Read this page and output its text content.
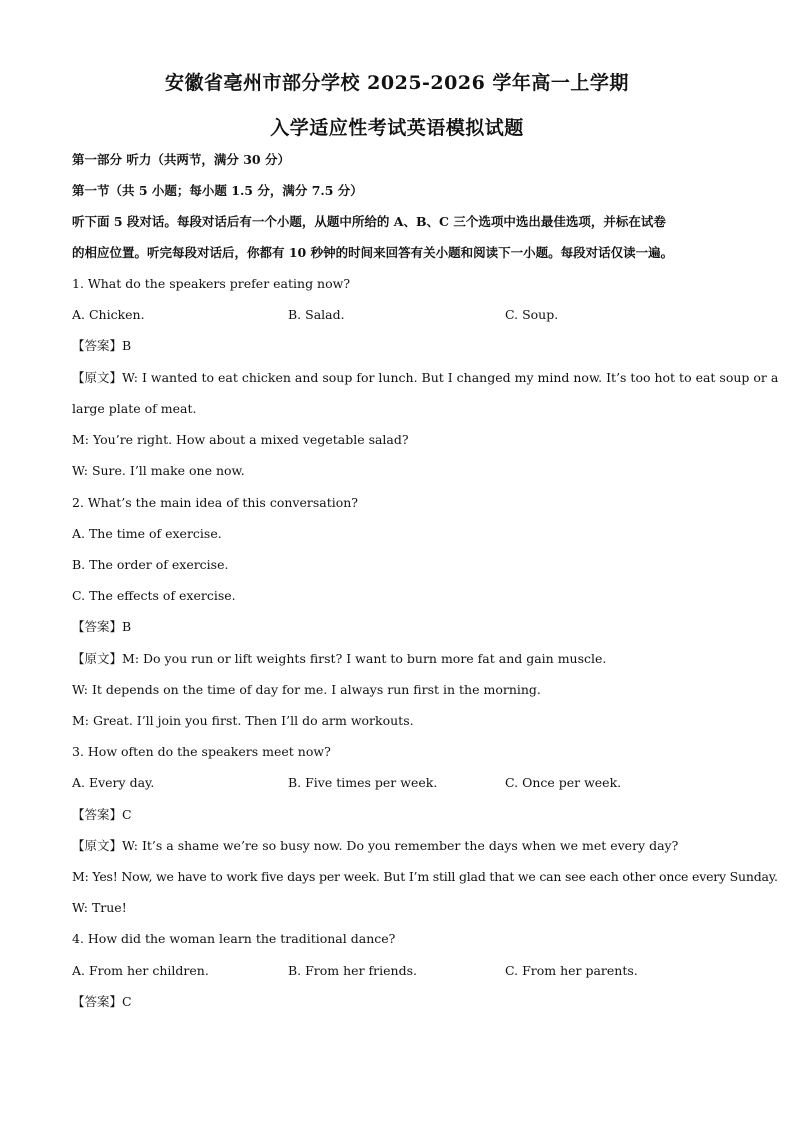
安徽省亳州市部分学校 2025-2026 学年高一上学期
入学适应性考试英语模拟试题
第一部分 听力（共两节，满分 30 分）
第一节（共 5 小题；每小题 1.5 分，满分 7.5 分）
听下面 5 段对话。每段对话后有一个小题，从题中所给的 A、B、C 三个选项中选出最佳选项，并标在试卷
的相应位置。听完每段对话后，你都有 10 秒钟的时间来回答有关小题和阅读下一小题。每段对话仅读一遍。
1. What do the speakers prefer eating now?
A. Chicken.	B. Salad.	C. Soup.
【答案】B
【原文】W: I wanted to eat chicken and soup for lunch. But I changed my mind now. It’s too hot to eat soup or a
large plate of meat.
M: You’re right. How about a mixed vegetable salad?
W: Sure. I’ll make one now.
2. What’s the main idea of this conversation?
A. The time of exercise.
B. The order of exercise.
C. The effects of exercise.
【答案】B
【原文】M: Do you run or lift weights first? I want to burn more fat and gain muscle.
W: It depends on the time of day for me. I always run first in the morning.
M: Great. I’ll join you first. Then I’ll do arm workouts.
3. How often do the speakers meet now?
A. Every day.	B. Five times per week.	C. Once per week.
【答案】C
【原文】W: It’s a shame we’re so busy now. Do you remember the days when we met every day?
M: Yes! Now, we have to work five days per week. But I’m still glad that we can see each other once every Sunday.
W: True!
4. How did the woman learn the traditional dance?
A. From her children.	B. From her friends.	C. From her parents.
【答案】C
